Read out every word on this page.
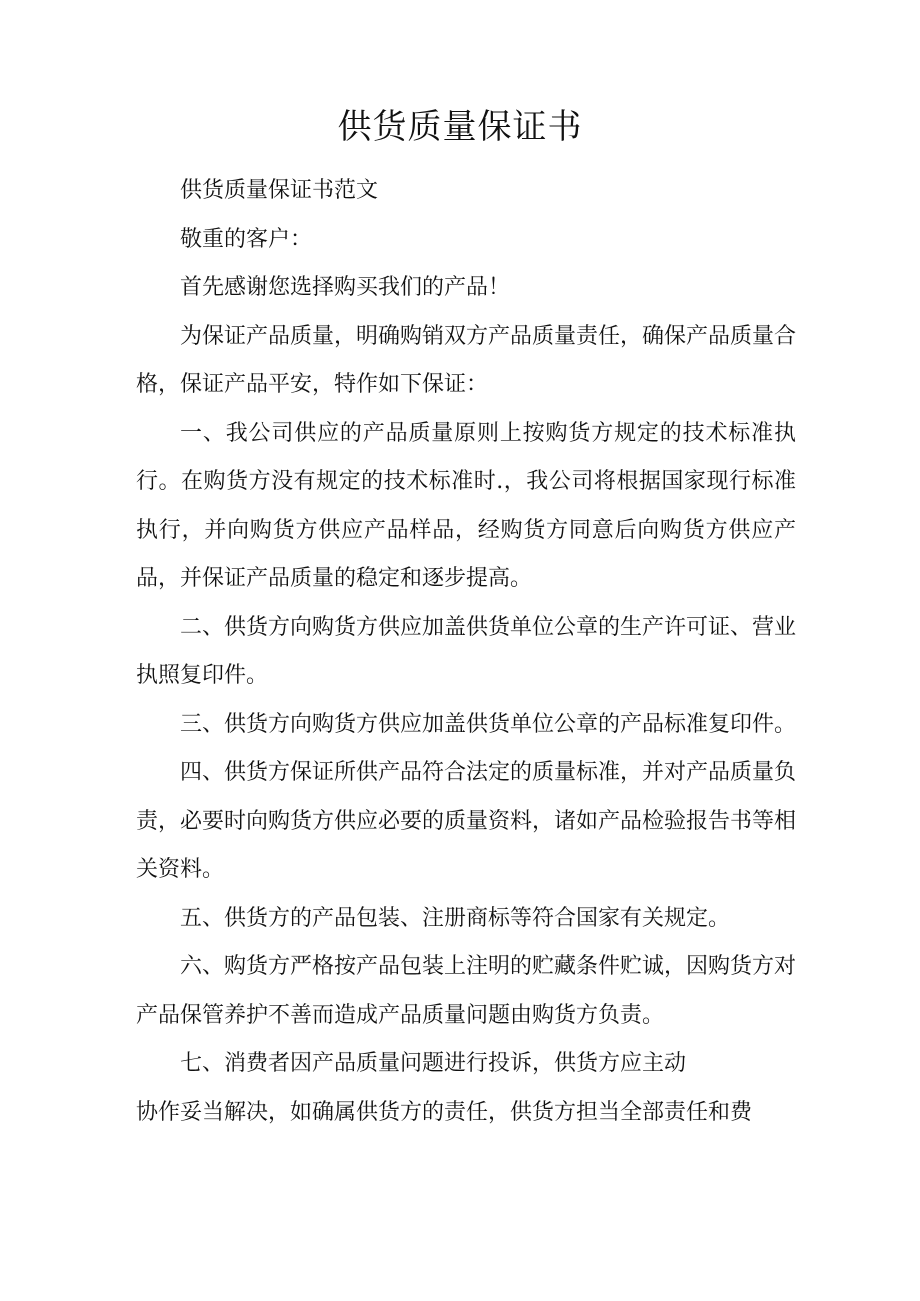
供货质量保证书

供货质量保证书范文

敬重的客户：

首先感谢您选择购买我们的产品！

为保证产品质量，明确购销双方产品质量责任，确保产品质量合格，保证产品平安，特作如下保证：

一、我公司供应的产品质量原则上按购货方规定的技术标准执行。在购货方没有规定的技术标准时.，我公司将根据国家现行标准执行，并向购货方供应产品样品，经购货方同意后向购货方供应产品，并保证产品质量的稳定和逐步提高。

二、供货方向购货方供应加盖供货单位公章的生产许可证、营业执照复印件。

三、供货方向购货方供应加盖供货单位公章的产品标准复印件。

四、供货方保证所供产品符合法定的质量标准，并对产品质量负责，必要时向购货方供应必要的质量资料，诸如产品检验报告书等相关资料。

五、供货方的产品包装、注册商标等符合国家有关规定。

六、购货方严格按产品包装上注明的贮藏条件贮诚，因购货方对产品保管养护不善而造成产品质量问题由购货方负责。

七、消费者因产品质量问题进行投诉，供货方应主动
协作妥当解决，如确属供货方的责任，供货方担当全部责任和费
